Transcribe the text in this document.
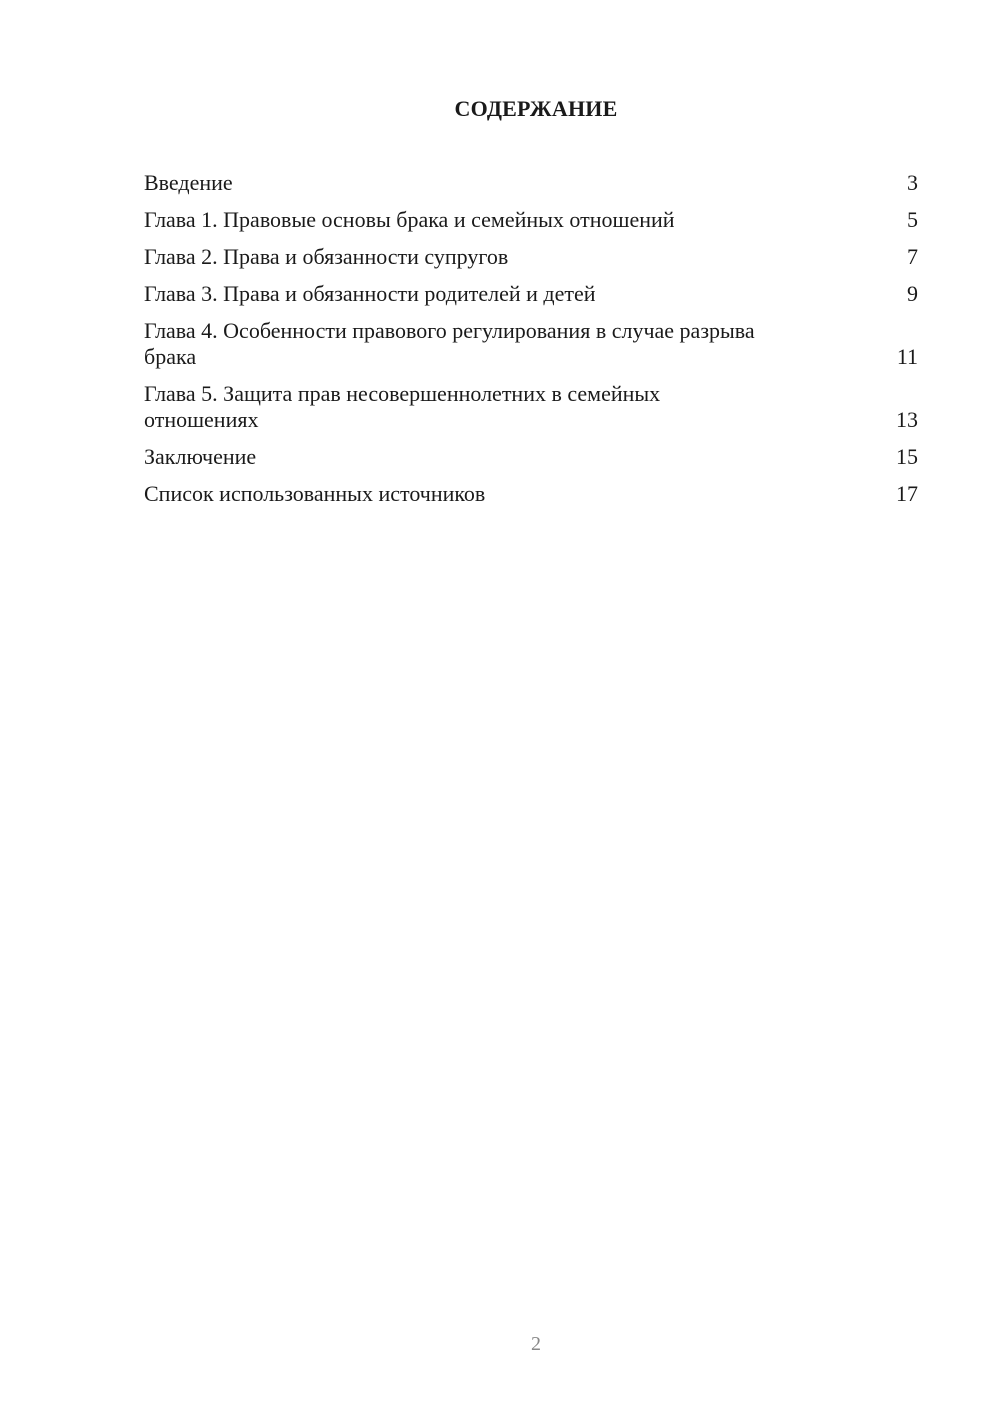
СОДЕРЖАНИЕ
Введение	3
Глава 1. Правовые основы брака и семейных отношений	5
Глава 2. Права и обязанности супругов	7
Глава 3. Права и обязанности родителей и детей	9
Глава 4. Особенности правового регулирования в случае разрыва брака	11
Глава 5. Защита прав несовершеннолетних в семейных отношениях	13
Заключение	15
Список использованных источников	17
2
